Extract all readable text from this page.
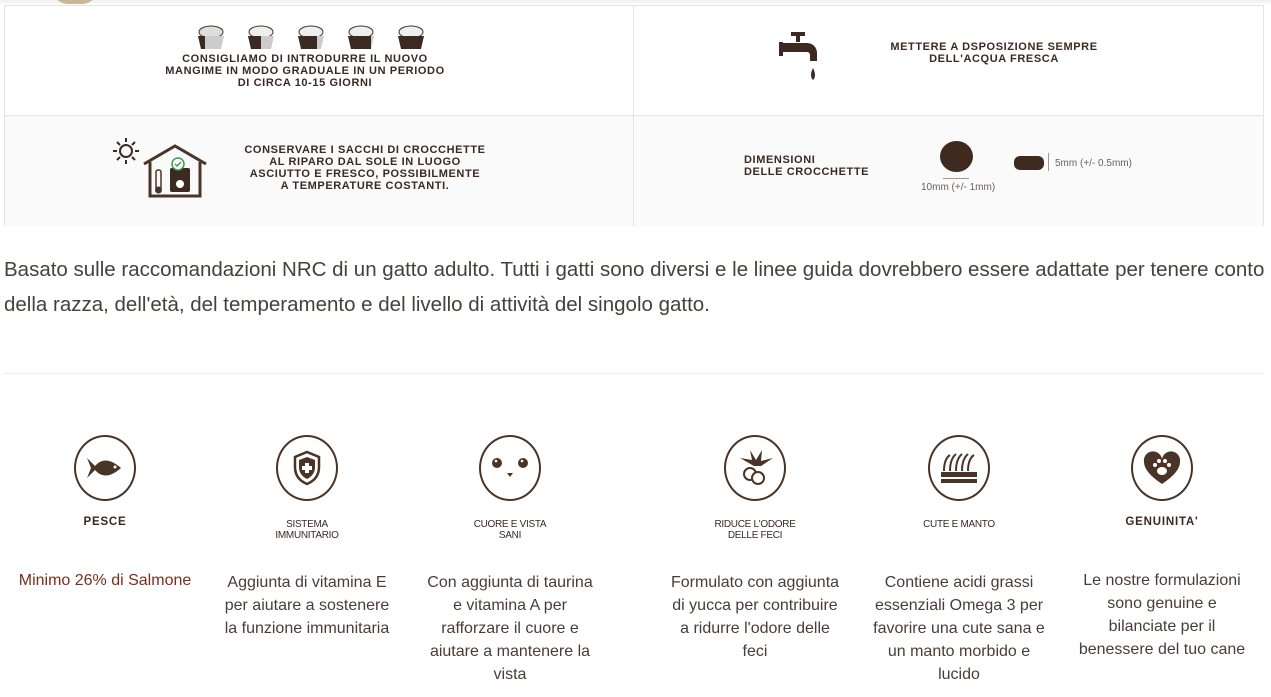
CONSIGLIAMO DI INTRODURRE IL NUOVO
MANGIME IN MODO GRADUALE IN UN PERIODO
DI CIRCA 10-15 GIORNI
METTERE A DSPOSIZIONE SEMPRE
DELL'ACQUA FRESCA
CONSERVARE I SACCHI DI CROCCHETTE
AL RIPARO DAL SOLE IN LUOGO
ASCIUTTO E FRESCO, POSSIBILMENTE
A TEMPERATURE COSTANTI.
DIMENSIONI
DELLE CROCCHETTE
10mm (+/- 1mm)
5mm (+/- 0.5mm)

Basato sulle raccomandazioni NRC di un gatto adulto. Tutti i gatti sono diversi e le linee guida dovrebbero essere adattate per tenere conto della razza, dell'età, del temperamento e del livello di attività del singolo gatto.

PESCE
Minimo 26% di Salmone
SISTEMA
IMMUNITARIO
Aggiunta di vitamina E per aiutare a sostenere la funzione immunitaria
CUORE E VISTA
SANI
Con aggiunta di taurina e vitamina A per rafforzare il cuore e aiutare a mantenere la vista
RIDUCE L'ODORE
DELLE FECI
Formulato con aggiunta di yucca per contribuire a ridurre l'odore delle feci
CUTE E MANTO
Contiene acidi grassi essenziali Omega 3 per favorire una cute sana e un manto morbido e lucido
GENUINITA'
Le nostre formulazioni sono genuine e bilanciate per il benessere del tuo cane
